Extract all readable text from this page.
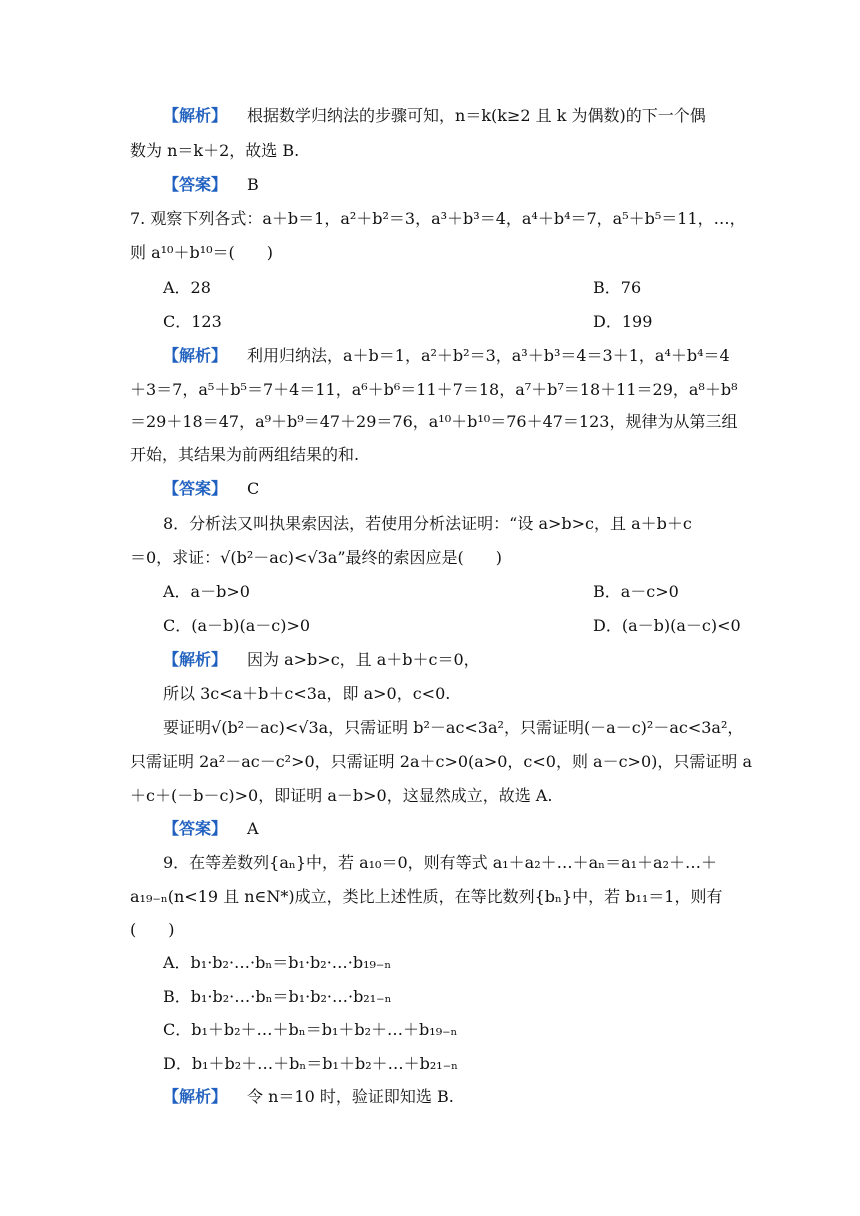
【解析】 根据数学归纳法的步骤可知，n＝k(k≥2 且 k 为偶数)的下一个偶
数为 n＝k＋2，故选 B.
【答案】 B
7. 观察下列各式：a＋b＝1，a²＋b²＝3，a³＋b³＝4，a⁴＋b⁴＝7，a⁵＋b⁵＝11，…，
则 a¹⁰＋b¹⁰＝(　　)
A．28	B．76
C．123	D．199
【解析】 利用归纳法，a＋b＝1，a²＋b²＝3，a³＋b³＝4＝3＋1，a⁴＋b⁴＝4
＋3＝7，a⁵＋b⁵＝7＋4＝11，a⁶＋b⁶＝11＋7＝18，a⁷＋b⁷＝18＋11＝29，a⁸＋b⁸
＝29＋18＝47，a⁹＋b⁹＝47＋29＝76，a¹⁰＋b¹⁰＝76＋47＝123，规律为从第三组
开始，其结果为前两组结果的和.
【答案】 C
8．分析法又叫执果索因法，若使用分析法证明：“设 a>b>c，且 a＋b＋c
＝0，求证：√(b²－ac)<√3a”最终的索因应是(　　)
A．a－b>0	B．a－c>0
C．(a－b)(a－c)>0	D．(a－b)(a－c)<0
【解析】 因为 a>b>c，且 a＋b＋c＝0，
所以 3c<a＋b＋c<3a，即 a>0，c<0.
要证明√(b²－ac)<√3a，只需证明 b²－ac<3a²，只需证明(－a－c)²－ac<3a²，
只需证明 2a²－ac－c²>0，只需证明 2a＋c>0(a>0，c<0，则 a－c>0)，只需证明 a
＋c＋(－b－c)>0，即证明 a－b>0，这显然成立，故选 A.
【答案】 A
9．在等差数列{aₙ}中，若 a₁₀＝0，则有等式 a₁＋a₂＋…＋aₙ＝a₁＋a₂＋…＋
a₁₉₋ₙ(n<19 且 n∈N*)成立，类比上述性质，在等比数列{bₙ}中，若 b₁₁＝1，则有
(　　)
A．b₁·b₂·…·bₙ＝b₁·b₂·…·b₁₉₋ₙ
B．b₁·b₂·…·bₙ＝b₁·b₂·…·b₂₁₋ₙ
C．b₁＋b₂＋…＋bₙ＝b₁＋b₂＋…＋b₁₉₋ₙ
D．b₁＋b₂＋…＋bₙ＝b₁＋b₂＋…＋b₂₁₋ₙ
【解析】 令 n＝10 时，验证即知选 B.
